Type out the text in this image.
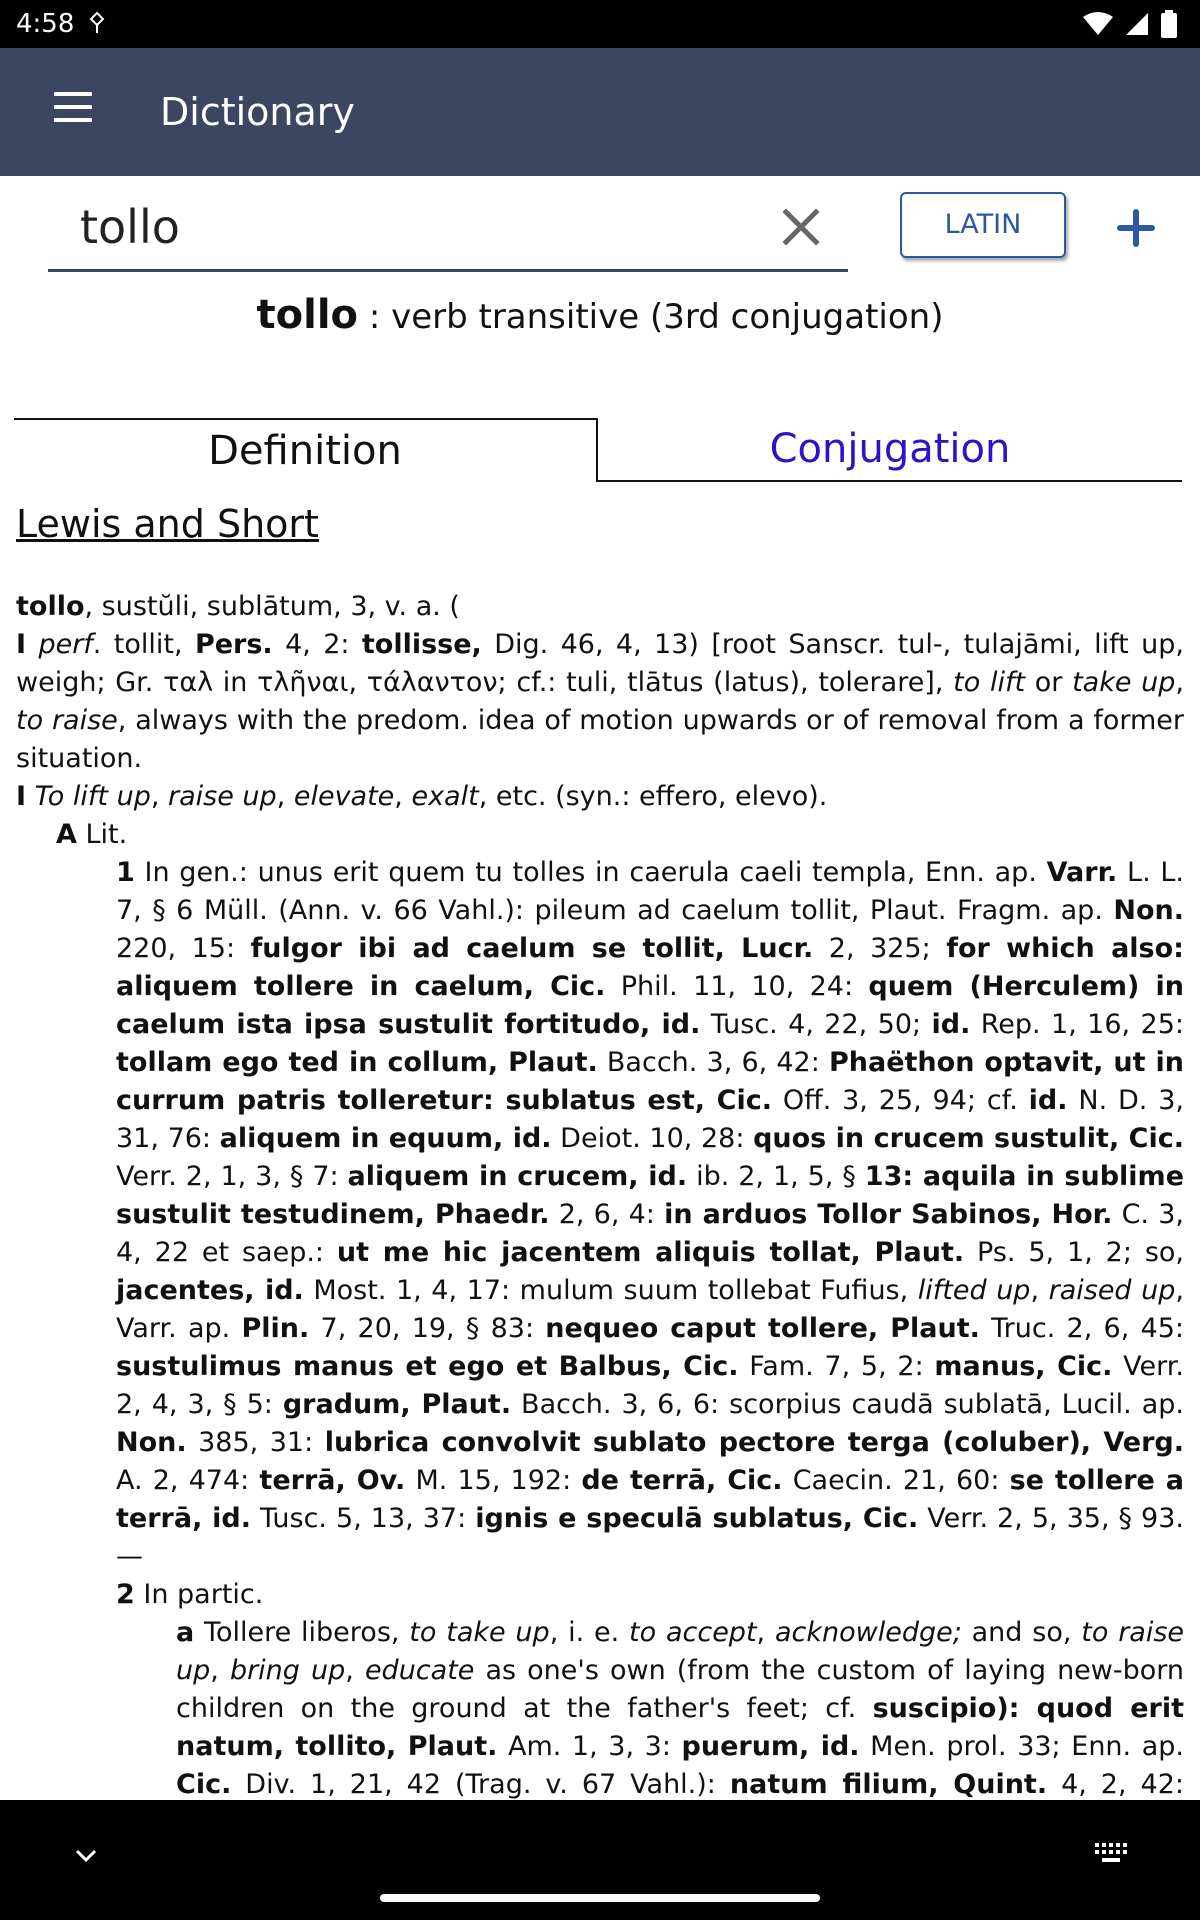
4:58
Dictionary
tollo
LATIN
tollo : verb transitive (3rd conjugation)
Definition	Conjugation
Lewis and Short
tollo, sustŭli, sublātum, 3, v. a. (
I perf. tollit, Pers. 4, 2: tollisse, Dig. 46, 4, 13) [root Sanscr. tul-, tulajāmi, lift up, weigh; Gr. ταλ in τλῆναι, τάλαντον; cf.: tuli, tlātus (latus), tolerare], to lift or take up, to raise, always with the predom. idea of motion upwards or of removal from a former situation.
I To lift up, raise up, elevate, exalt, etc. (syn.: effero, elevo).
A Lit.
1 In gen.: unus erit quem tu tolles in caerula caeli templa, Enn. ap. Varr. L. L. 7, § 6 Müll. (Ann. v. 66 Vahl.): pileum ad caelum tollit, Plaut. Fragm. ap. Non. 220, 15: fulgor ibi ad caelum se tollit, Lucr. 2, 325; for which also: aliquem tollere in caelum, Cic. Phil. 11, 10, 24: quem (Herculem) in caelum ista ipsa sustulit fortitudo, id. Tusc. 4, 22, 50; id. Rep. 1, 16, 25: tollam ego ted in collum, Plaut. Bacch. 3, 6, 42: Phaëthon optavit, ut in currum patris tolleretur: sublatus est, Cic. Off. 3, 25, 94; cf. id. N. D. 3, 31, 76: aliquem in equum, id. Deiot. 10, 28: quos in crucem sustulit, Cic. Verr. 2, 1, 3, § 7: aliquem in crucem, id. ib. 2, 1, 5, § 13: aquila in sublime sustulit testudinem, Phaedr. 2, 6, 4: in arduos Tollor Sabinos, Hor. C. 3, 4, 22 et saep.: ut me hic jacentem aliquis tollat, Plaut. Ps. 5, 1, 2; so, jacentes, id. Most. 1, 4, 17: mulum suum tollebat Fufius, lifted up, raised up, Varr. ap. Plin. 7, 20, 19, § 83: nequeo caput tollere, Plaut. Truc. 2, 6, 45: sustulimus manus et ego et Balbus, Cic. Fam. 7, 5, 2: manus, Cic. Verr. 2, 4, 3, § 5: gradum, Plaut. Bacch. 3, 6, 6: scorpius caudā sublatā, Lucil. ap. Non. 385, 31: lubrica convolvit sublato pectore terga (coluber), Verg. A. 2, 474: terrā, Ov. M. 15, 192: de terrā, Cic. Caecin. 21, 60: se tollere a terrā, id. Tusc. 5, 13, 37: ignis e speculā sublatus, Cic. Verr. 2, 5, 35, § 93.—
2 In partic.
a Tollere liberos, to take up, i. e. to accept, acknowledge; and so, to raise up, bring up, educate as one's own (from the custom of laying new-born children on the ground at the father's feet; cf. suscipio): quod erit natum, tollito, Plaut. Am. 1, 3, 3: puerum, id. Men. prol. 33; Enn. ap. Cic. Div. 1, 21, 42 (Trag. v. 67 Vahl.): natum filium, Quint. 4, 2, 42:
